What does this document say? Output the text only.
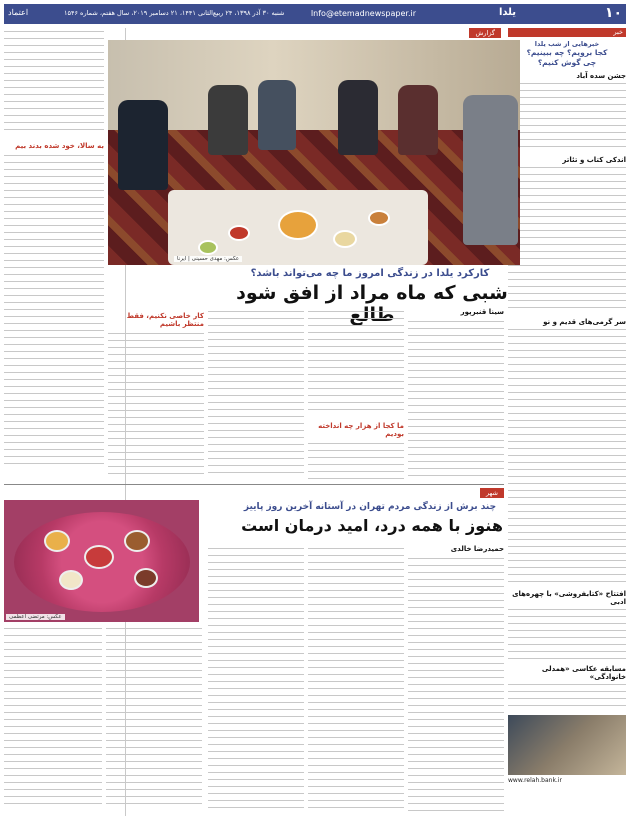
۱۰
یلدا
Info@etemadnewspaper.ir
شنبه ۳۰ آذر ۱۳۹۸، ۲۴ ربیع‌الثانی ۱۴۴۱، ۲۱ دسامبر ۲۰۱۹، سال هفتم، شماره ۱۵۴۶
اعتماد
خبر
خبرهایی از شب یلدا
کجا برویم؟ چه ببینیم؟
چی گوش کنیم؟
جشن سده آباد
اندکی کتاب و تئاتر
سر گرمی‌های قدیم و نو
افتتاح «کتابفروشی» با چهره‌های ادبی
مسابقه عکاسی «همدلی خانوادگی»
www.relah.bank.ir
گزارش
عکس: مهدی حسینی | ایرنا
کارکرد یلدا در زندگی امروز ما چه می‌تواند باشد؟
شبی که ماه مراد از افق شود طالع	سینا قنبرپور
ما کجا از هزار چه انداخته بودیم
کار خاصی نکنیم، فقط منتظر باشیم
به سالا، خود شده بدند بیم
شهر
عکس: مرتضی اعظمی
چند برش از زندگی مردم تهران در آستانه آخرین روز پاییز
هنوز با همه درد، امید درمان است
حمیدرضا خالدی
